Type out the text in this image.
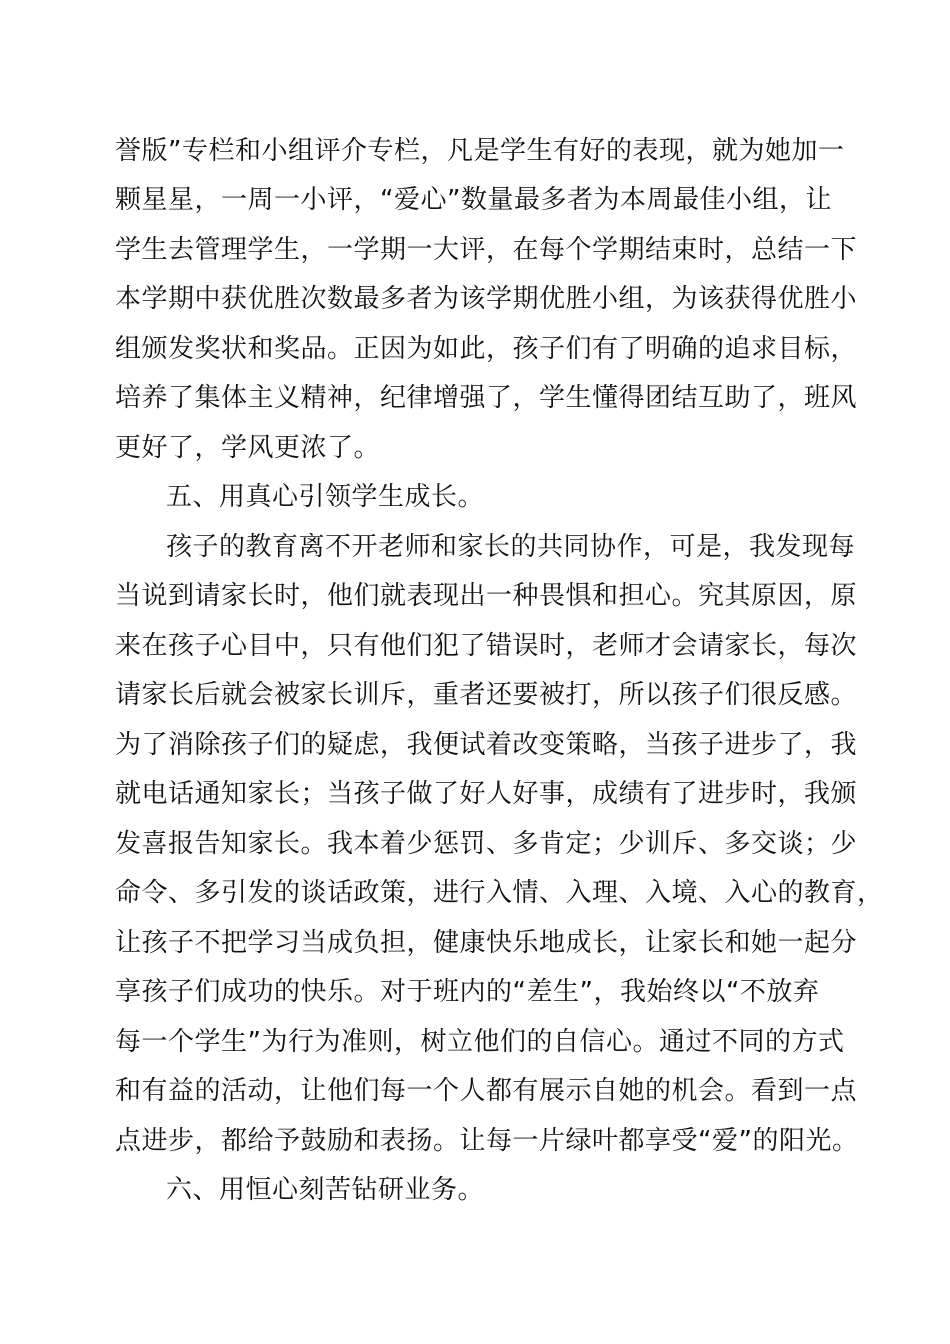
誉版”专栏和小组评介专栏，凡是学生有好的表现，就为她加一
颗星星，一周一小评，“爱心”数量最多者为本周最佳小组，让
学生去管理学生，一学期一大评，在每个学期结束时，总结一下
本学期中获优胜次数最多者为该学期优胜小组，为该获得优胜小
组颁发奖状和奖品。正因为如此，孩子们有了明确的追求目标，
培养了集体主义精神，纪律增强了，学生懂得团结互助了，班风
更好了，学风更浓了。
五、用真心引领学生成长。
孩子的教育离不开老师和家长的共同协作，可是，我发现每
当说到请家长时，他们就表现出一种畏惧和担心。究其原因，原
来在孩子心目中，只有他们犯了错误时，老师才会请家长，每次
请家长后就会被家长训斥，重者还要被打，所以孩子们很反感。
为了消除孩子们的疑虑，我便试着改变策略，当孩子进步了，我
就电话通知家长；当孩子做了好人好事，成绩有了进步时，我颁
发喜报告知家长。我本着少惩罚、多肯定；少训斥、多交谈；少
命令、多引发的谈话政策，进行入情、入理、入境、入心的教育，
让孩子不把学习当成负担，健康快乐地成长，让家长和她一起分
享孩子们成功的快乐。对于班内的“差生”，我始终以“不放弃
每一个学生”为行为准则，树立他们的自信心。通过不同的方式
和有益的活动，让他们每一个人都有展示自她的机会。看到一点
点进步，都给予鼓励和表扬。让每一片绿叶都享受“爱”的阳光。
六、用恒心刻苦钻研业务。
